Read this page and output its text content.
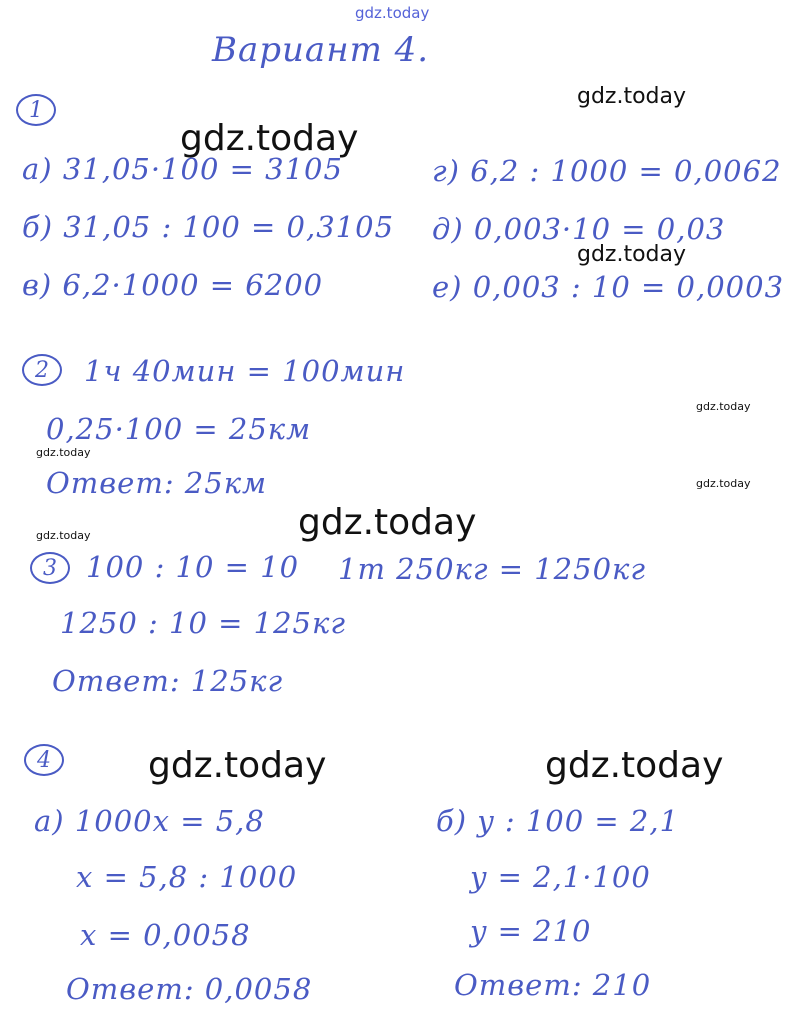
gdz.today
gdz.today
gdz.today
gdz.today
gdz.today
gdz.today
gdz.today
gdz.today
gdz.today
gdz.today	gdz.today
Вариант 4.
1
а) 31,05·100 = 3105
б) 31,05 : 100 = 0,3105
в) 6,2·1000 = 6200
г) 6,2 : 1000 = 0,0062
д) 0,003·10 = 0,03
е) 0,003 : 10 = 0,0003
2	1ч 40мин = 100мин
0,25·100 = 25км
Ответ: 25км
3	100 : 10 = 10 1т 250кг = 1250кг
1250 : 10 = 125кг
Ответ: 125кг
4
а) 1000x = 5,8
x = 5,8 : 1000
x = 0,0058
Ответ: 0,0058
б) y : 100 = 2,1
y = 2,1·100
y = 210
Ответ: 210
